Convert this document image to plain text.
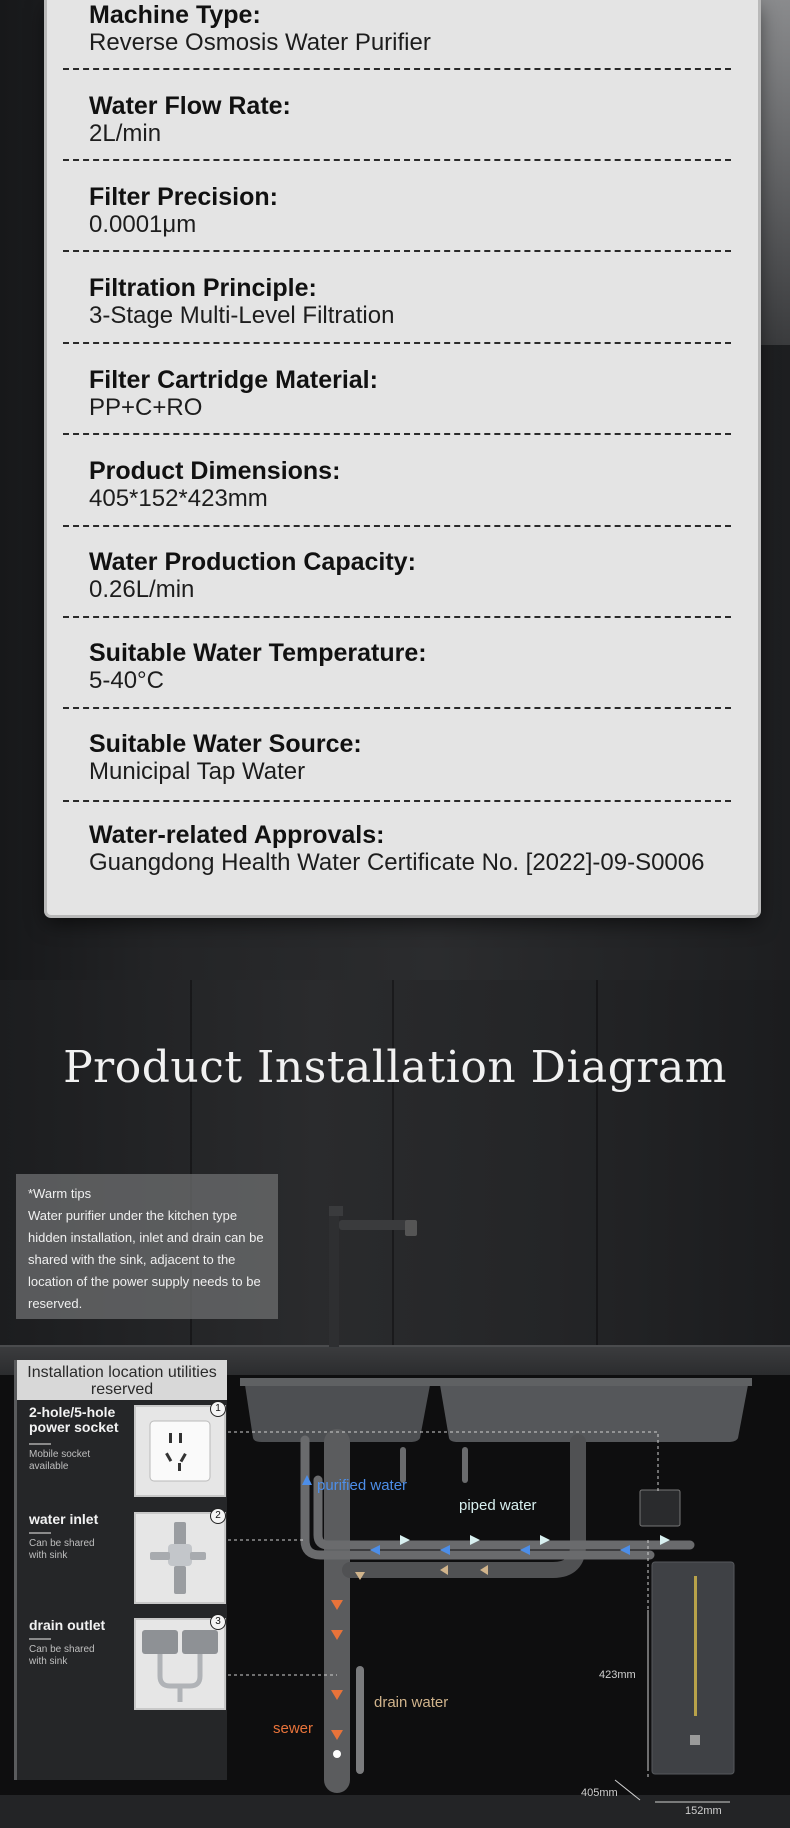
Machine Type:
Reverse Osmosis Water Purifier
Water Flow Rate:
2L/min
Filter Precision:
0.0001μm
Filtration Principle:
3-Stage Multi-Level Filtration
Filter Cartridge Material:
PP+C+RO
Product Dimensions:
405*152*423mm
Water Production Capacity:
0.26L/min
Suitable Water Temperature:
5-40°C
Suitable Water Source:
Municipal Tap Water
Water-related Approvals:
Guangdong Health Water Certificate No. [2022]-09-S0006
Product Installation Diagram
*Warm tips
Water purifier under the kitchen type hidden installation, inlet and drain can be shared with the sink, adjacent to the location of the power supply needs to be reserved.
Installation location utilities reserved
2-hole/5-hole power socket
Mobile socket available
1
water inlet
Can be shared with sink
2
drain outlet
Can be shared with sink
3
purified water
piped water
drain water
sewer
423mm
405mm
152mm
